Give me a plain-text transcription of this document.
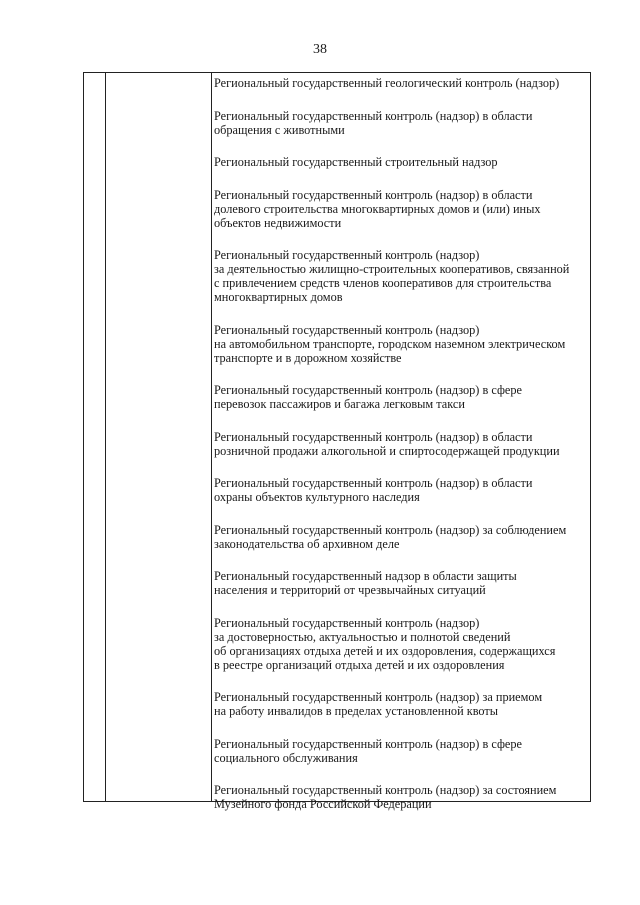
38

Региональный государственный геологический контроль (надзор)

Региональный государственный контроль (надзор) в области
обращения с животными

Региональный государственный строительный надзор

Региональный государственный контроль (надзор) в области
долевого строительства многоквартирных домов и (или) иных
объектов недвижимости

Региональный государственный контроль (надзор)
за деятельностью жилищно-строительных кооперативов, связанной
с привлечением средств членов кооперативов для строительства
многоквартирных домов

Региональный государственный контроль (надзор)
на автомобильном транспорте, городском наземном электрическом
транспорте и в дорожном хозяйстве

Региональный государственный контроль (надзор) в сфере
перевозок пассажиров и багажа легковым такси

Региональный государственный контроль (надзор) в области
розничной продажи алкогольной и спиртосодержащей продукции

Региональный государственный контроль (надзор) в области
охраны объектов культурного наследия

Региональный государственный контроль (надзор) за соблюдением
законодательства об архивном деле

Региональный государственный надзор в области защиты
населения и территорий от чрезвычайных ситуаций

Региональный государственный контроль (надзор)
за достоверностью, актуальностью и полнотой сведений
об организациях отдыха детей и их оздоровления, содержащихся
в реестре организаций отдыха детей и их оздоровления

Региональный государственный контроль (надзор) за приемом
на работу инвалидов в пределах установленной квоты

Региональный государственный контроль (надзор) в сфере
социального обслуживания

Региональный государственный контроль (надзор) за состоянием
Музейного фонда Российской Федерации
